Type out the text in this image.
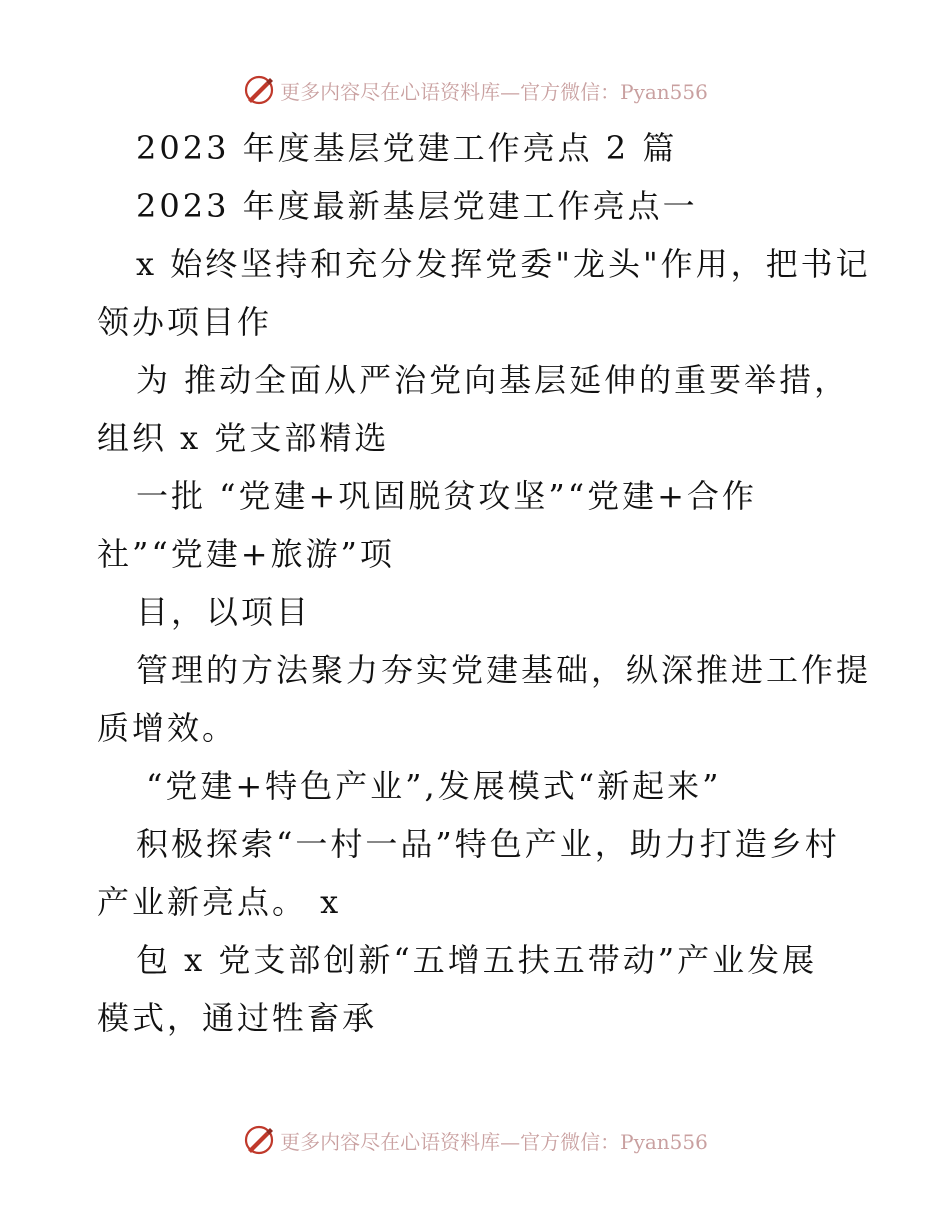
更多内容尽在心语资料库—官方微信：Pyan556
2023 年度基层党建工作亮点 2 篇
2023 年度最新基层党建工作亮点一
x 始终坚持和充分发挥党委"龙头"作用，把书记
领办项目作
为 推动全面从严治党向基层延伸的重要举措，
组织 x 党支部精选
一批 “党建+巩固脱贫攻坚”“党建+合作
社”“党建+旅游”项
目，以项目
管理的方法聚力夯实党建基础，纵深推进工作提
质增效。
“党建+特色产业”,发展模式“新起来”
积极探索“一村一品”特色产业，助力打造乡村
产业新亮点。 x
包 x 党支部创新“五增五扶五带动”产业发展
模式，通过牲畜承
更多内容尽在心语资料库—官方微信：Pyan556
